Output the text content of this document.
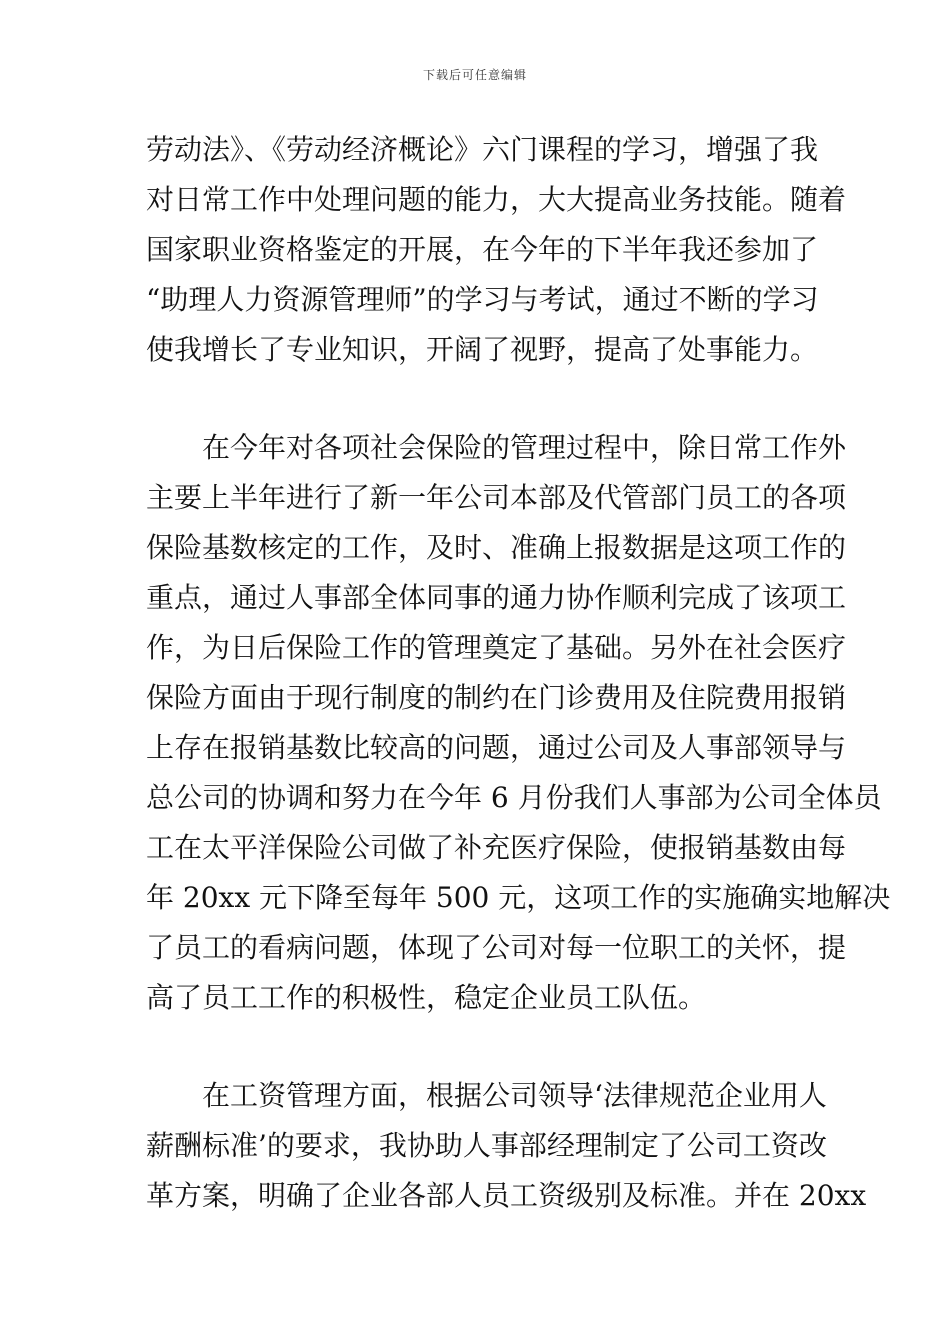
下载后可任意编辑
劳动法》、《劳动经济概论》六门课程的学习，增强了我
对日常工作中处理问题的能力，大大提高业务技能。随着
国家职业资格鉴定的开展，在今年的下半年我还参加了
“助理人力资源管理师”的学习与考试，通过不断的学习
使我增长了专业知识，开阔了视野，提高了处事能力。
　　在今年对各项社会保险的管理过程中，除日常工作外
主要上半年进行了新一年公司本部及代管部门员工的各项
保险基数核定的工作，及时、准确上报数据是这项工作的
重点，通过人事部全体同事的通力协作顺利完成了该项工
作，为日后保险工作的管理奠定了基础。另外在社会医疗
保险方面由于现行制度的制约在门诊费用及住院费用报销
上存在报销基数比较高的问题，通过公司及人事部领导与
总公司的协调和努力在今年 6 月份我们人事部为公司全体员
工在太平洋保险公司做了补充医疗保险，使报销基数由每
年 20xx 元下降至每年 500 元，这项工作的实施确实地解决
了员工的看病问题，体现了公司对每一位职工的关怀，提
高了员工工作的积极性，稳定企业员工队伍。
　　在工资管理方面，根据公司领导‘法律规范企业用人
薪酬标准’的要求，我协助人事部经理制定了公司工资改
革方案，明确了企业各部人员工资级别及标准。并在 20xx
